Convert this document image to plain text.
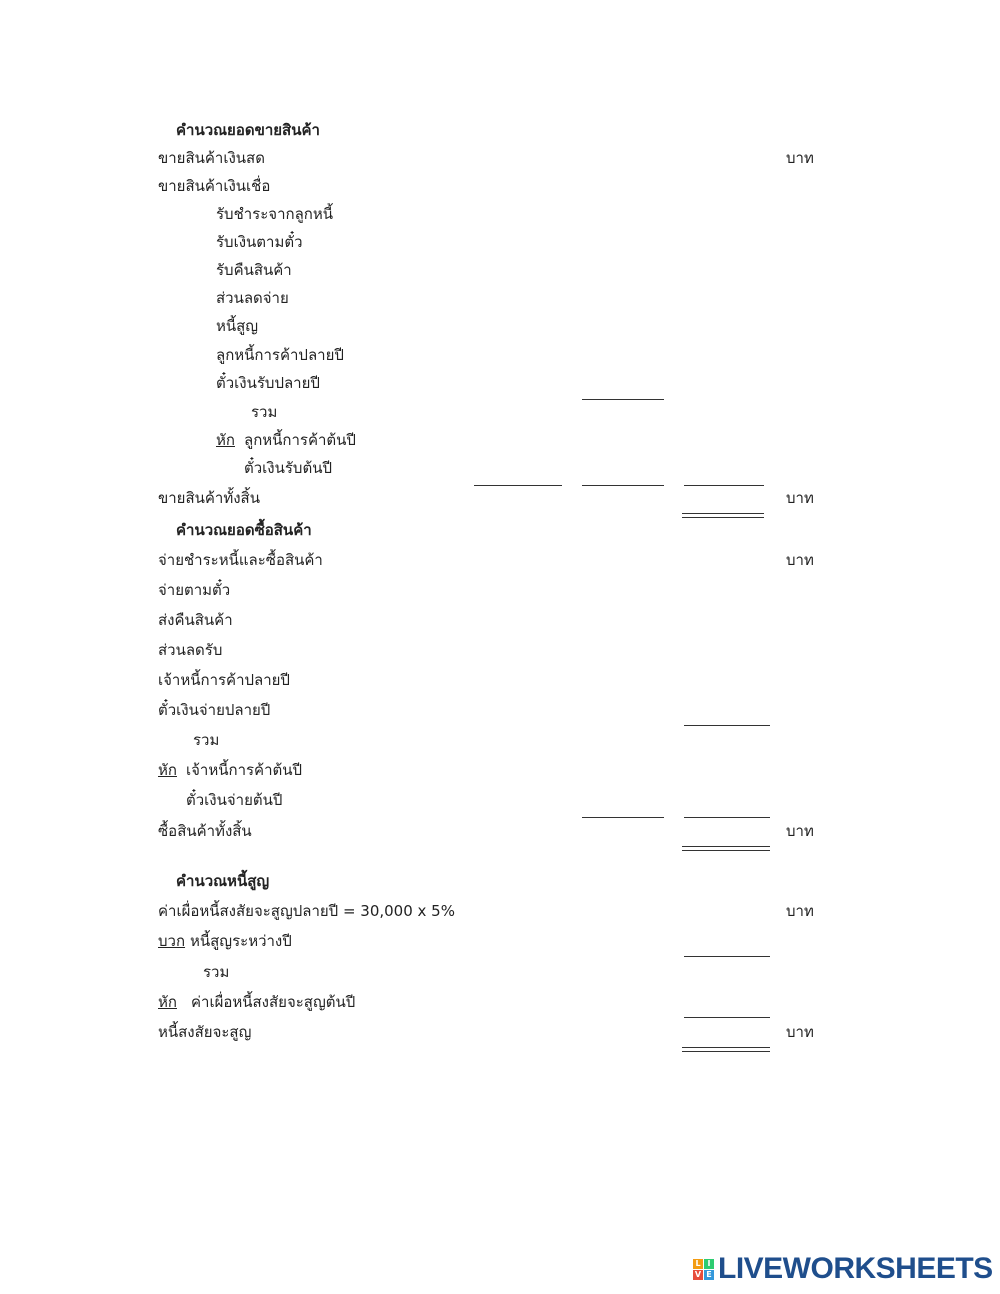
คำนวณยอดขายสินค้า
ขายสินค้าเงินสด	บาท
ขายสินค้าเงินเชื่อ
รับชำระจากลูกหนี้
รับเงินตามตั๋ว
รับคืนสินค้า
ส่วนลดจ่าย
หนี้สูญ
ลูกหนี้การค้าปลายปี
ตั๋วเงินรับปลายปี
รวม
หัก ลูกหนี้การค้าต้นปี
ตั๋วเงินรับต้นปี
ขายสินค้าทั้งสิ้น	บาท
คำนวณยอดซื้อสินค้า
จ่ายชำระหนี้และซื้อสินค้า	บาท
จ่ายตามตั๋ว
ส่งคืนสินค้า
ส่วนลดรับ
เจ้าหนี้การค้าปลายปี
ตั๋วเงินจ่ายปลายปี
รวม
หัก เจ้าหนี้การค้าต้นปี
ตั๋วเงินจ่ายต้นปี
ซื้อสินค้าทั้งสิ้น	บาท
คำนวณหนี้สูญ
ค่าเผื่อหนี้สงสัยจะสูญปลายปี = 30,000 x 5%	บาท
บวก หนี้สูญระหว่างปี
รวม
หัก ค่าเผื่อหนี้สงสัยจะสูญต้นปี
หนี้สงสัยจะสูญ	บาท
L I
V E LIVEWORKSHEETS
